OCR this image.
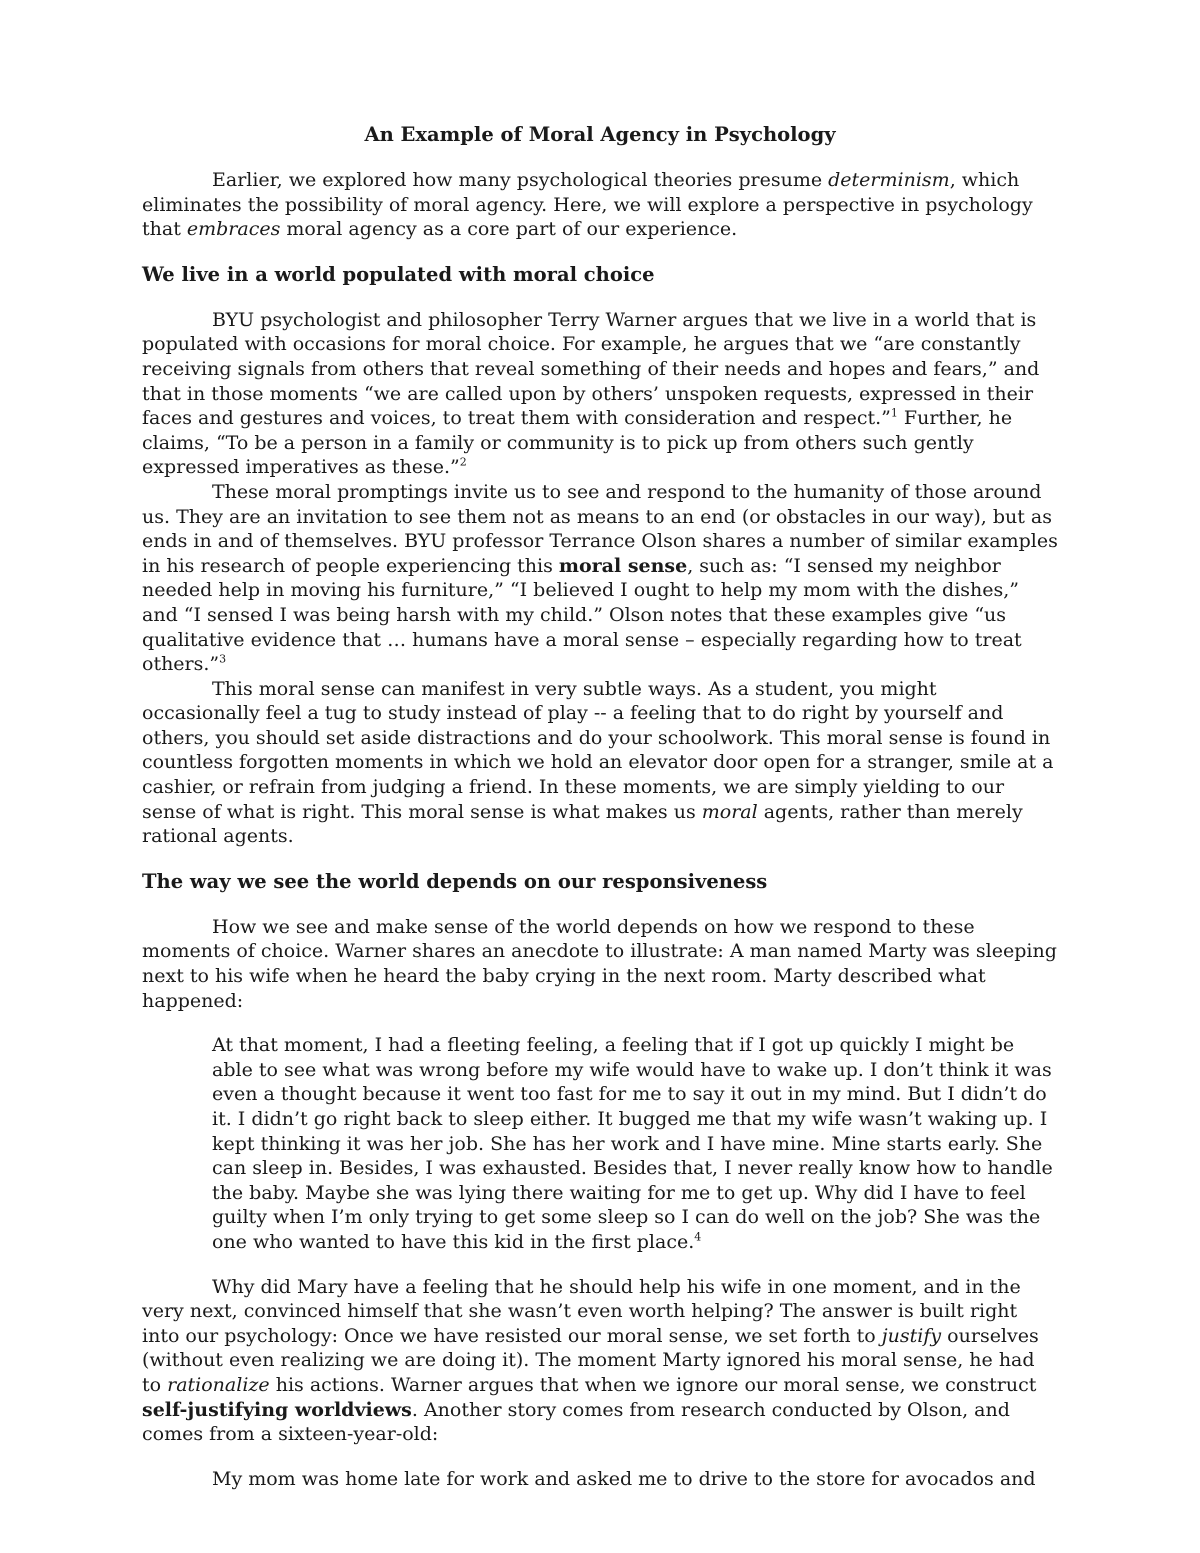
An Example of Moral Agency in Psychology

Earlier, we explored how many psychological theories presume determinism, which eliminates the possibility of moral agency. Here, we will explore a perspective in psychology that embraces moral agency as a core part of our experience.

We live in a world populated with moral choice

BYU psychologist and philosopher Terry Warner argues that we live in a world that is populated with occasions for moral choice. For example, he argues that we “are constantly receiving signals from others that reveal something of their needs and hopes and fears,” and that in those moments “we are called upon by others’ unspoken requests, expressed in their faces and gestures and voices, to treat them with consideration and respect.”$^1$ Further, he claims, “To be a person in a family or community is to pick up from others such gently expressed imperatives as these.”$^2$

These moral promptings invite us to see and respond to the humanity of those around us. They are an invitation to see them not as means to an end (or obstacles in our way), but as ends in and of themselves. BYU professor Terrance Olson shares a number of similar examples in his research of people experiencing this moral sense, such as: “I sensed my neighbor needed help in moving his furniture,” “I believed I ought to help my mom with the dishes,” and “I sensed I was being harsh with my child.” Olson notes that these examples give “us qualitative evidence that … humans have a moral sense – especially regarding how to treat others.”$^3$

This moral sense can manifest in very subtle ways. As a student, you might occasionally feel a tug to study instead of play -- a feeling that to do right by yourself and others, you should set aside distractions and do your schoolwork. This moral sense is found in countless forgotten moments in which we hold an elevator door open for a stranger, smile at a cashier, or refrain from judging a friend. In these moments, we are simply yielding to our sense of what is right. This moral sense is what makes us moral agents, rather than merely rational agents.

The way we see the world depends on our responsiveness

How we see and make sense of the world depends on how we respond to these moments of choice. Warner shares an anecdote to illustrate: A man named Marty was sleeping next to his wife when he heard the baby crying in the next room. Marty described what happened:

At that moment, I had a fleeting feeling, a feeling that if I got up quickly I might be able to see what was wrong before my wife would have to wake up. I don’t think it was even a thought because it went too fast for me to say it out in my mind. But I didn’t do it. I didn’t go right back to sleep either. It bugged me that my wife wasn’t waking up. I kept thinking it was her job. She has her work and I have mine. Mine starts early. She can sleep in. Besides, I was exhausted. Besides that, I never really know how to handle the baby. Maybe she was lying there waiting for me to get up. Why did I have to feel guilty when I’m only trying to get some sleep so I can do well on the job? She was the one who wanted to have this kid in the first place.$^4$

Why did Mary have a feeling that he should help his wife in one moment, and in the very next, convinced himself that she wasn’t even worth helping? The answer is built right into our psychology: Once we have resisted our moral sense, we set forth to justify ourselves (without even realizing we are doing it). The moment Marty ignored his moral sense, he had to rationalize his actions. Warner argues that when we ignore our moral sense, we construct self-justifying worldviews. Another story comes from research conducted by Olson, and comes from a sixteen-year-old:

My mom was home late for work and asked me to drive to the store for avocados and
